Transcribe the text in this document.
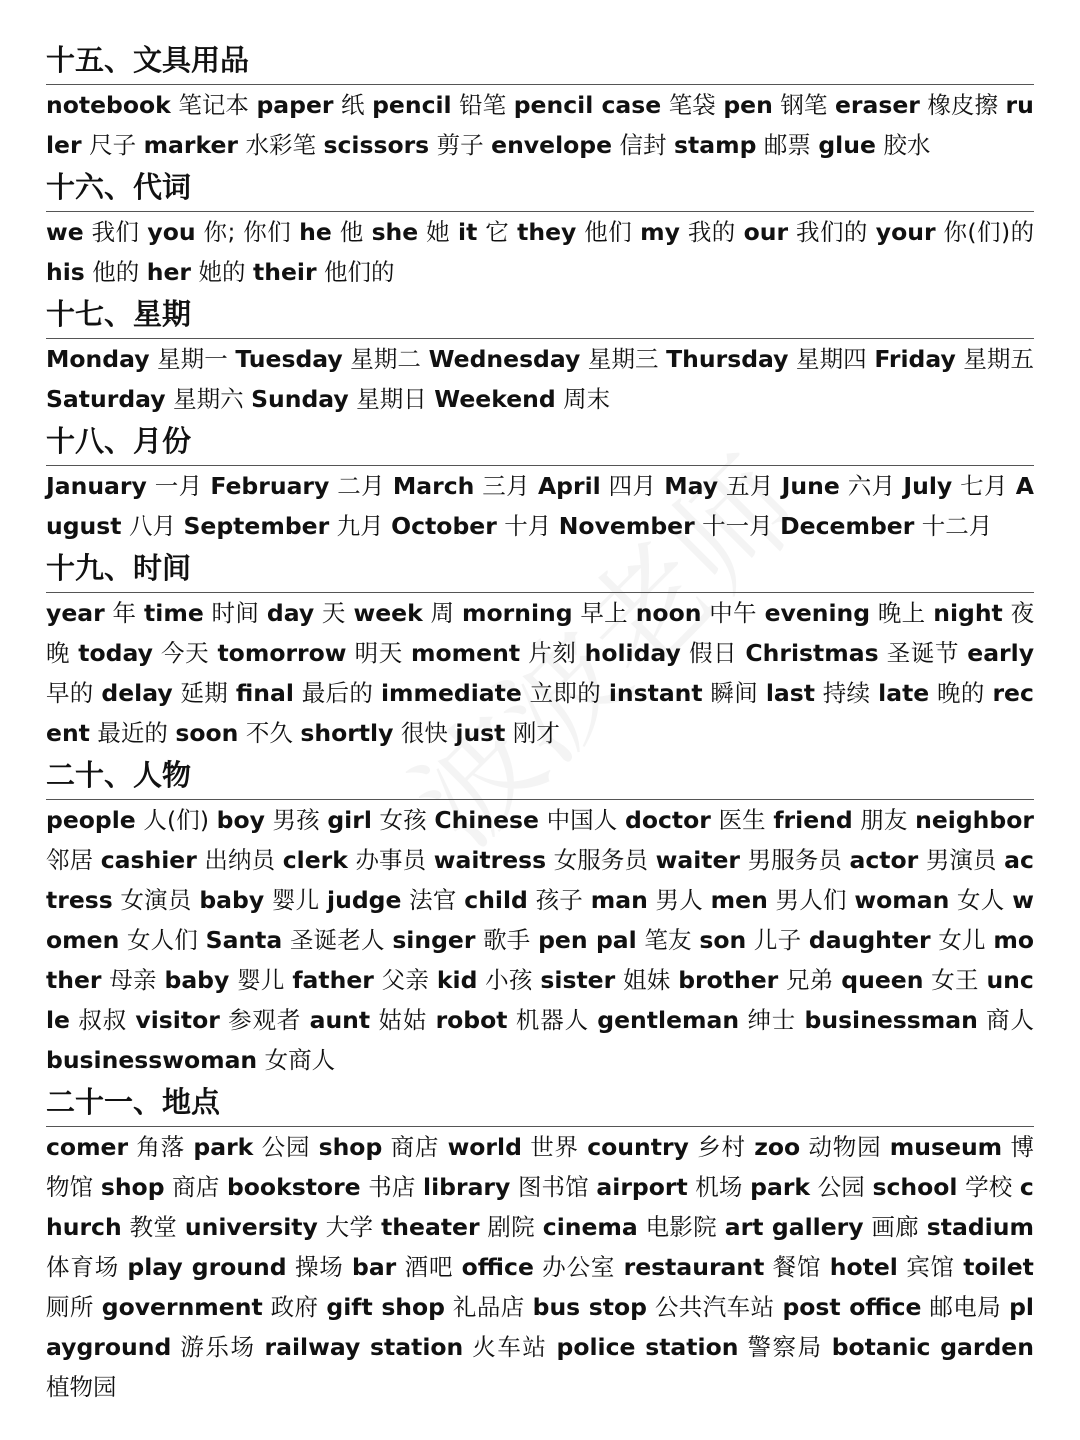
十五、文具用品

notebook 笔记本 paper 纸 pencil 铅笔 pencil case 笔袋 pen 钢笔 eraser 橡皮擦 ruler 尺子 marker 水彩笔 scissors 剪子 envelope 信封 stamp 邮票 glue 胶水

十六、代词

we 我们 you 你; 你们 he 他 she 她 it 它 they 他们 my 我的 our 我们的 your 你(们)的 his 他的 her 她的 their 他们的

十七、星期

Monday 星期一 Tuesday 星期二 Wednesday 星期三 Thursday 星期四 Friday 星期五 Saturday 星期六 Sunday 星期日 Weekend 周末

十八、月份

January 一月 February 二月 March 三月 April 四月 May 五月 June 六月 July 七月 August 八月 September 九月 October 十月 November 十一月 December 十二月

十九、时间

year 年 time 时间 day 天 week 周 morning 早上 noon 中午 evening 晚上 night 夜晚 today 今天 tomorrow 明天 moment 片刻 holiday 假日 Christmas 圣诞节 early 早的 delay 延期 final 最后的 immediate 立即的 instant 瞬间 last 持续 late 晚的 recent 最近的 soon 不久 shortly 很快 just 刚才

二十、人物

people 人(们) boy 男孩 girl 女孩 Chinese 中国人 doctor 医生 friend 朋友 neighbor 邻居 cashier 出纳员 clerk 办事员 waitress 女服务员 waiter 男服务员 actor 男演员 actress 女演员 baby 婴儿 judge 法官 child 孩子 man 男人 men 男人们 woman 女人 women 女人们 Santa 圣诞老人 singer 歌手 pen pal 笔友 son 儿子 daughter 女儿 mother 母亲 baby 婴儿 father 父亲 kid 小孩 sister 姐妹 brother 兄弟 queen 女王 uncle 叔叔 visitor 参观者 aunt 姑姑 robot 机器人 gentleman 绅士 businessman 商人 businesswoman 女商人

二十一、地点

comer 角落 park 公园 shop 商店 world 世界 country 乡村 zoo 动物园 museum 博物馆 shop 商店 bookstore 书店 library 图书馆 airport 机场 park 公园 school 学校 church 教堂 university 大学 theater 剧院 cinema 电影院 art gallery 画廊 stadium 体育场 play ground 操场 bar 酒吧 office 办公室 restaurant 餐馆 hotel 宾馆 toilet 厕所 government 政府 gift shop 礼品店 bus stop 公共汽车站 post office 邮电局 playground 游乐场 railway station 火车站 police station 警察局 botanic garden 植物园
